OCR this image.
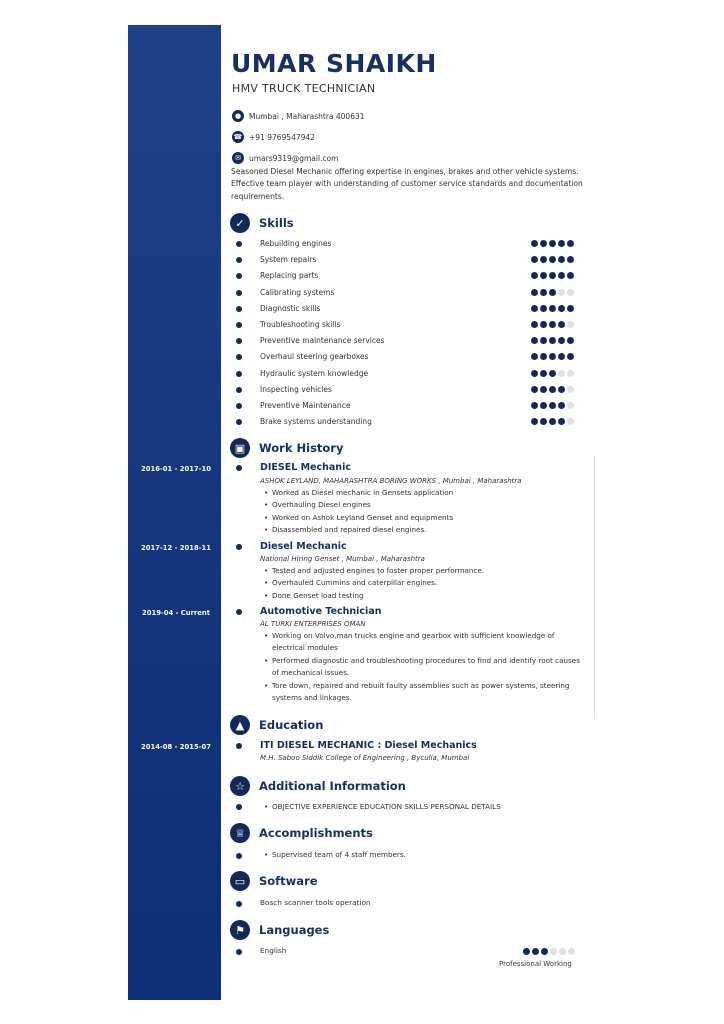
UMAR SHAIKH
HMV TRUCK TECHNICIAN
●	Mumbai , Maharashtra 400631
☎ +91 9769547942
✉	umars9319@gmail.com
Seasoned Diesel Mechanic offering expertise in engines, brakes and other vehicle systems. Effective team player with understanding of customer service standards and documentation requirements.
✓	Skills
Rebuilding engines
System repairs
Replacing parts
Calibrating systems
Diagnostic skills
Troubleshooting skills
Preventive maintenance services
Overhaul steering gearboxes
Hydraulic system knowledge
Inspecting vehicles
Preventive Maintenance
Brake systems understanding
▣	Work History
2016-01 - 2017-10	DIESEL Mechanic
ASHOK LEYLAND, MAHARASHTRA BORING WORKS , Mumbai , Maharashtra
• Worked as Diesel mechanic in Gensets application
• Overhauling Diesel engines
• Worked on Ashok Leyland Genset and equipments
• Disassembled and repaired diesel engines.
2017-12 - 2018-11	Diesel Mechanic
National Hiring Genset , Mumbai , Maharashtra
• Tested and adjusted engines to foster proper performance.
• Overhauled Cummins and caterpillar engines.
• Done Genset load testing
2019-04 - Current	Automotive Technician
AL TURKI ENTERPRISES OMAN
• Working on Volvo,man trucks engine and gearbox with sufficient knowledge of electrical modules
• Performed diagnostic and troubleshooting procedures to find and identify root causes of mechanical issues.
• Tore down, repaired and rebuilt faulty assemblies such as power systems, steering systems and linkages.
▲	Education
2014-08 - 2015-07	ITI DIESEL MECHANIC : Diesel Mechanics
M.H. Saboo Siddik College of Engineering , Byculla, Mumbai
☆	Additional Information
• OBJECTIVE EXPERIENCE EDUCATION SKILLS PERSONAL DETAILS
♕	Accomplishments
• Supervised team of 4 staff members.
▭	Software
Bosch scanner tools operation
⚑	Languages
English
Professional Working
